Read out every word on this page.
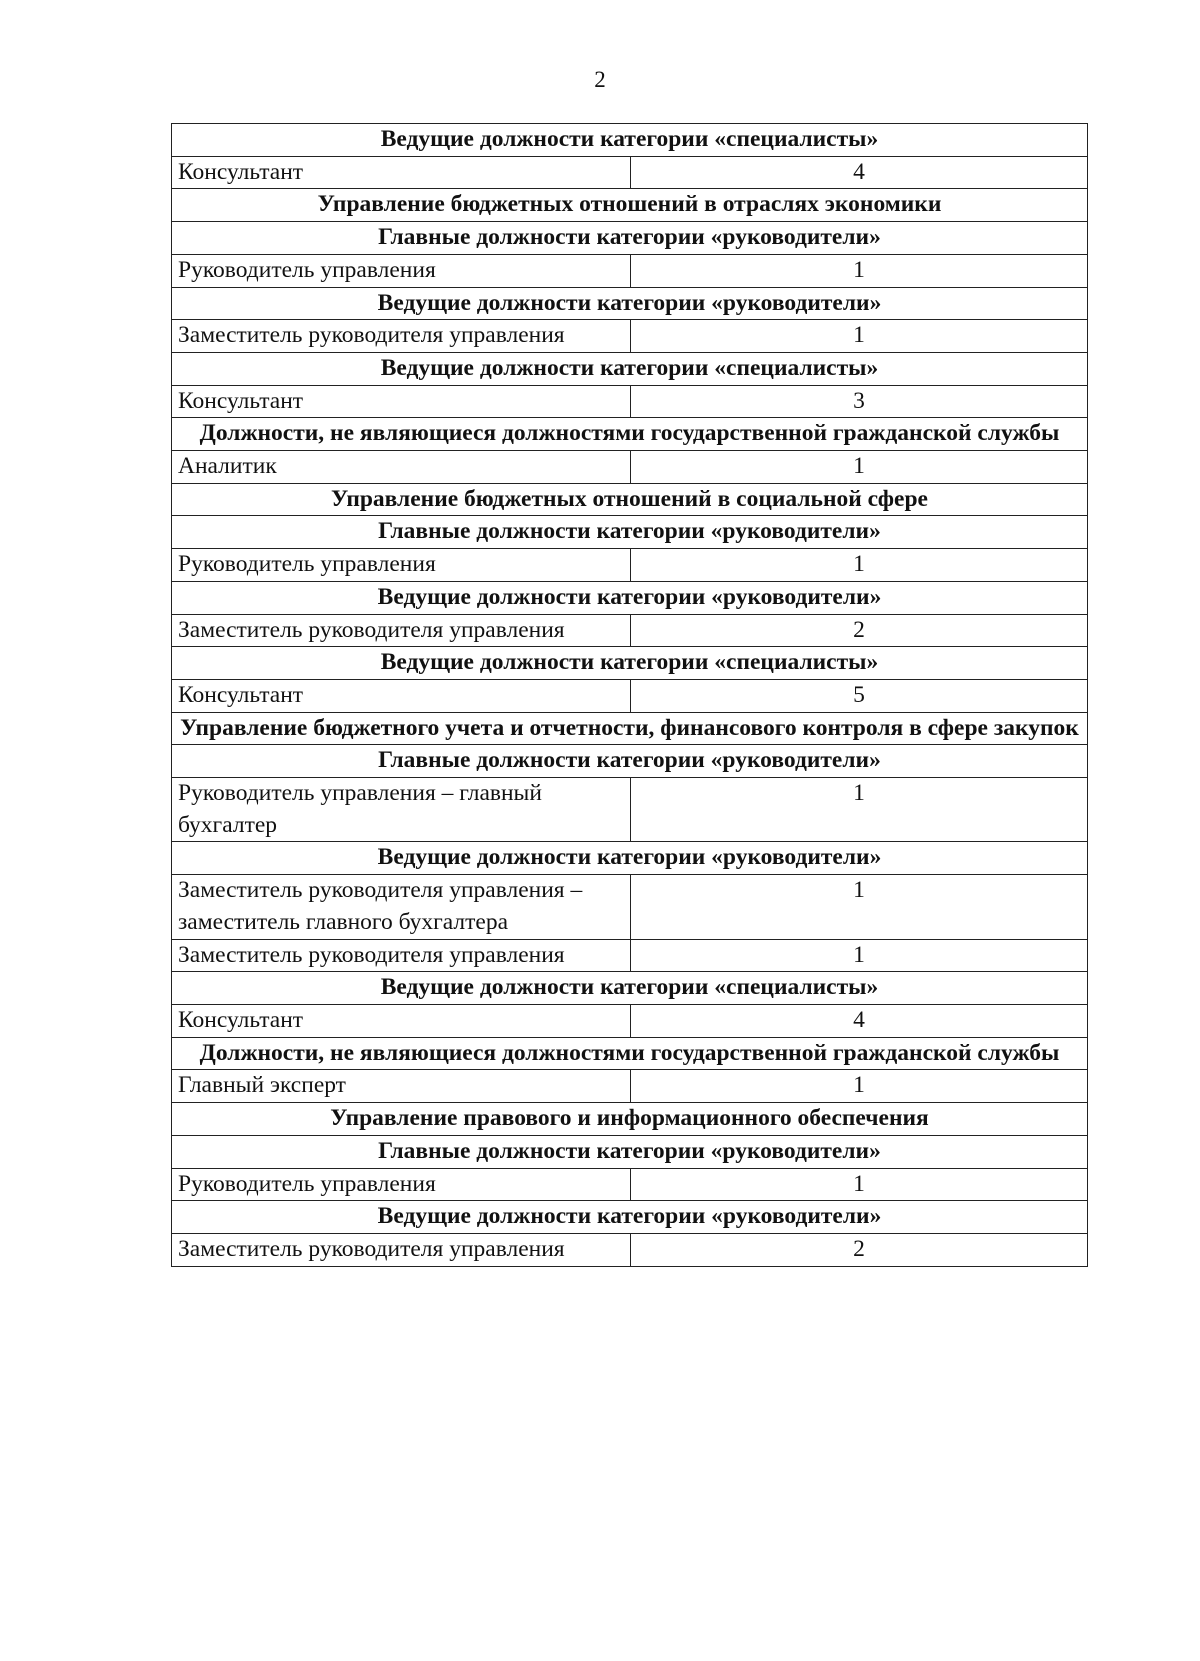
2
Ведущие должности категории «специалисты»	
Консультант	4
Управление бюджетных отношений в отраслях экономики	
Главные должности категории «руководители»	
Руководитель управления	1
Ведущие должности категории «руководители»	
Заместитель руководителя управления	1
Ведущие должности категории «специалисты»	
Консультант	3
Должности, не являющиеся должностями государственной гражданской службы	
Аналитик	1
Управление бюджетных отношений в социальной сфере	
Главные должности категории «руководители»	
Руководитель управления	1
Ведущие должности категории «руководители»	
Заместитель руководителя управления	2
Ведущие должности категории «специалисты»	
Консультант	5
Управление бюджетного учета и отчетности, финансового контроля в сфере закупок	
Главные должности категории «руководители»	
Руководитель управления – главный бухгалтер	1
Ведущие должности категории «руководители»	
Заместитель руководителя управления – заместитель главного бухгалтера	1
Заместитель руководителя управления	1
Ведущие должности категории «специалисты»	
Консультант	4
Должности, не являющиеся должностями государственной гражданской службы	
Главный эксперт	1
Управление правового и информационного обеспечения	
Главные должности категории «руководители»	
Руководитель управления	1
Ведущие должности категории «руководители»	
Заместитель руководителя управления	2
